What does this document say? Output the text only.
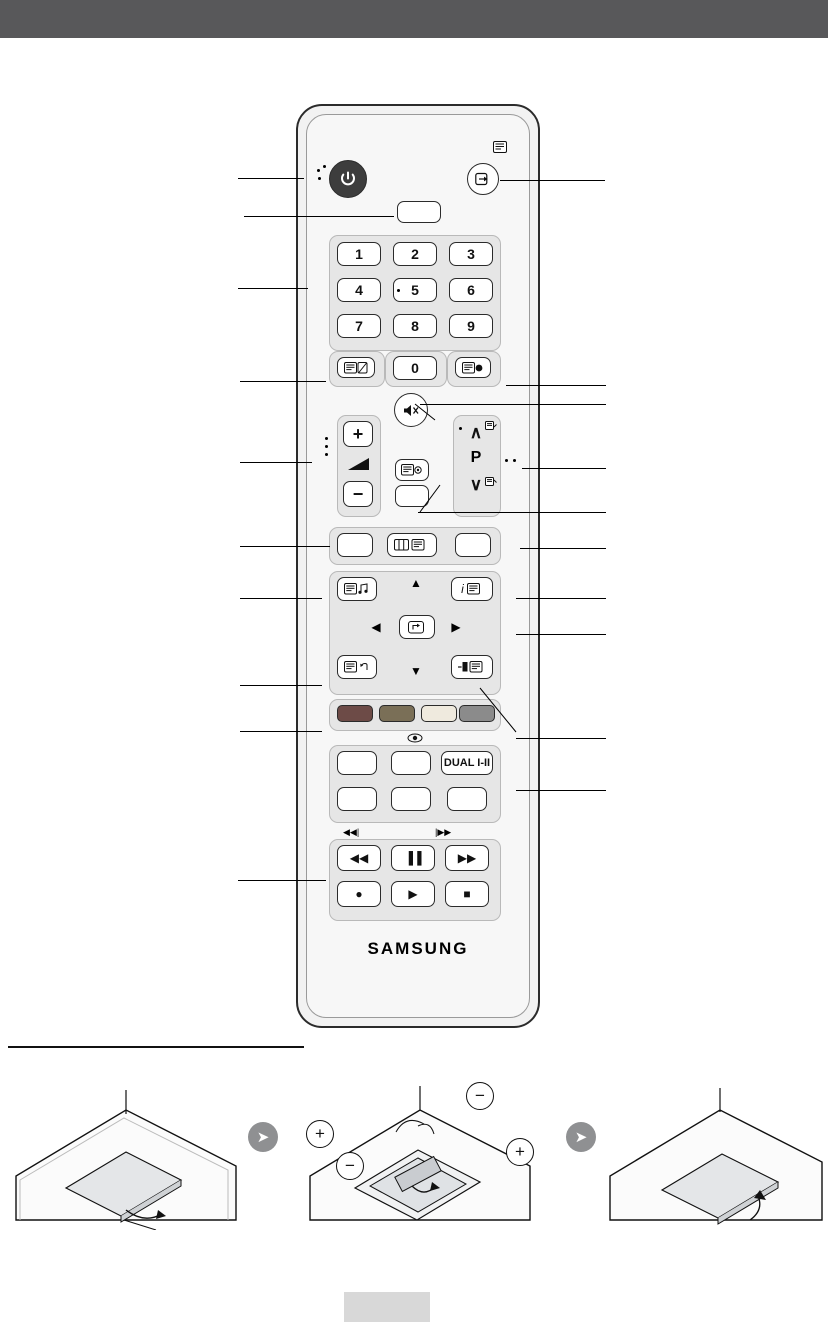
1	2	3
4	5	6
7	8	9
0
+
−
∧
P
∨
i
▲
▼
◀	▶
DUAL I-II
◀◀|	|▶▶
◀◀	▐▐	▶▶
●	▶	■
SAMSUNG
➤	+
−
+
−
➤
